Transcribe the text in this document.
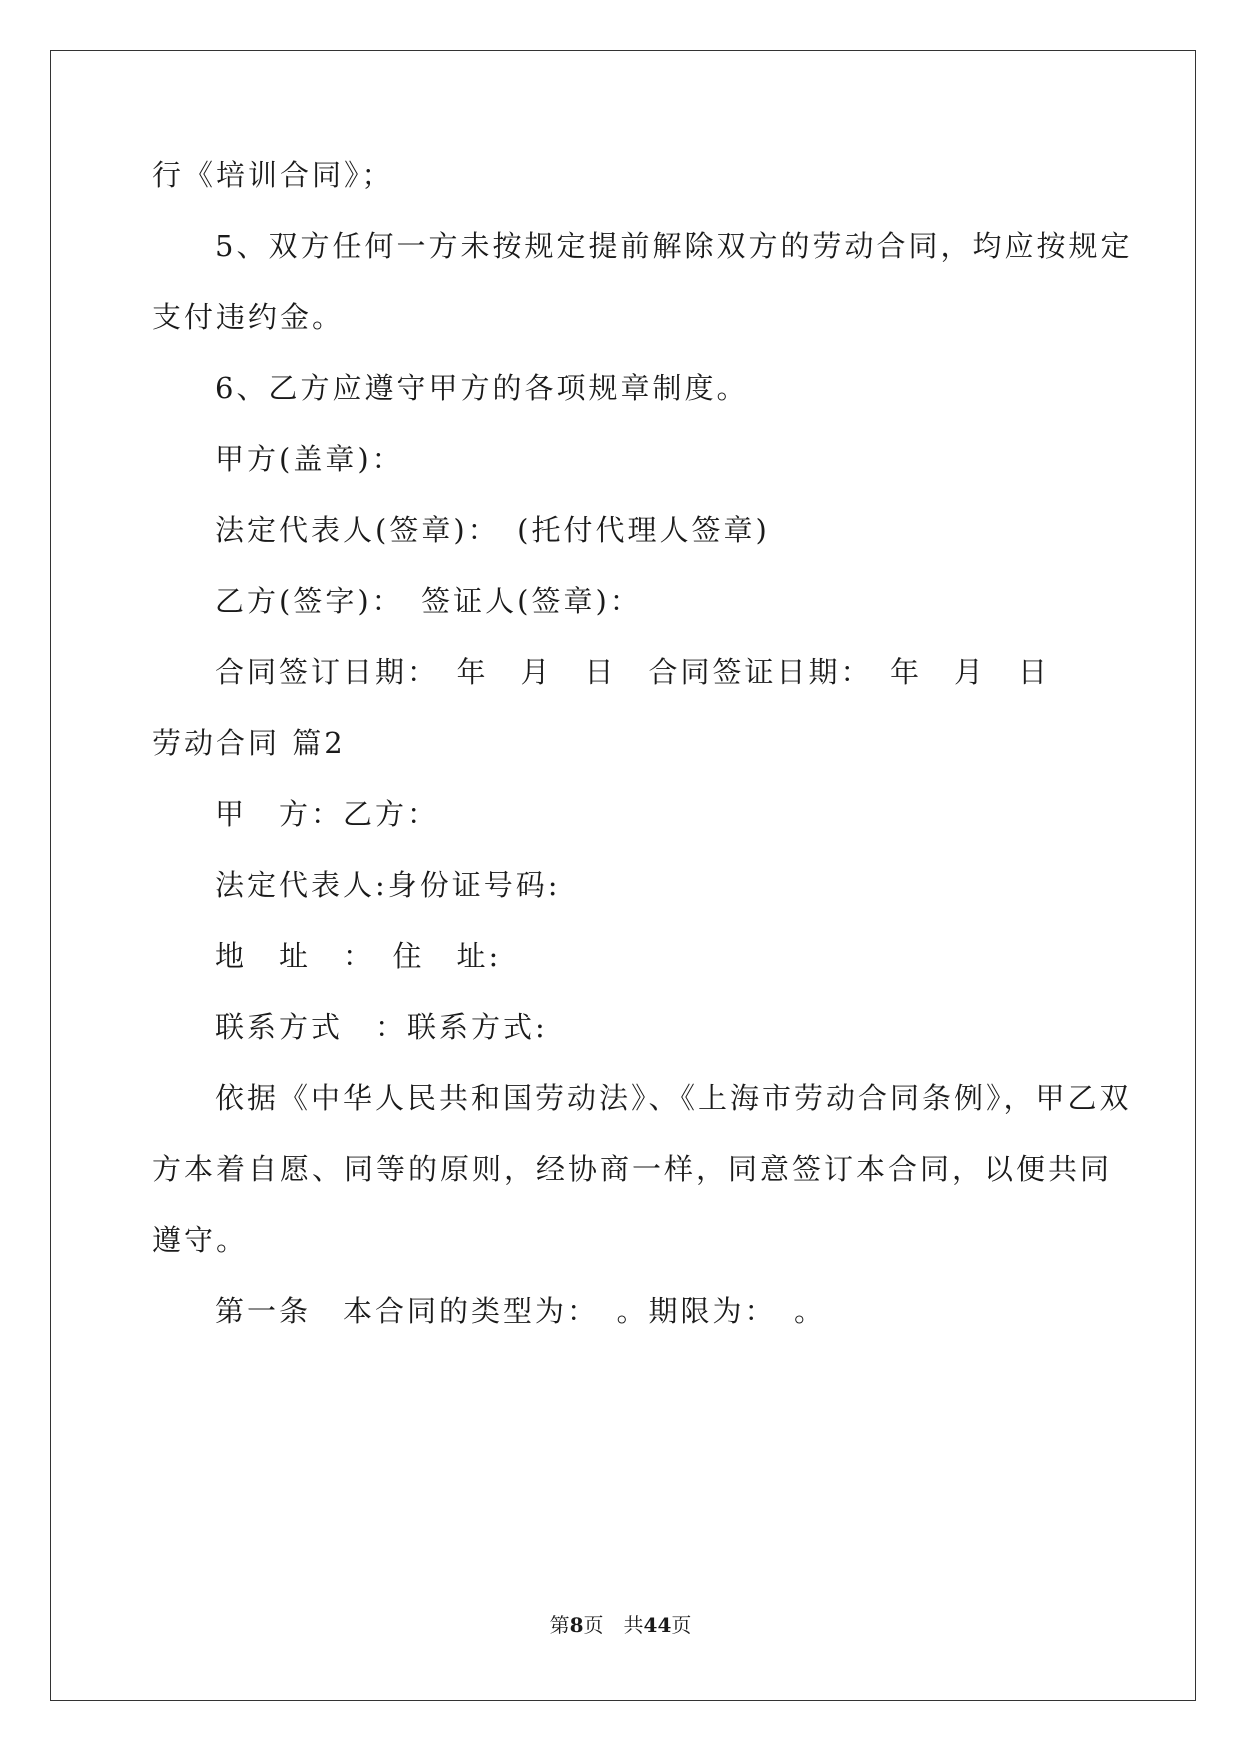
行《培训合同》；
5、双方任何一方未按规定提前解除双方的劳动合同，均应按规定
支付违约金。
6、乙方应遵守甲方的各项规章制度。
甲方(盖章)：
法定代表人(签章)：　(托付代理人签章)
乙方(签字)：　签证人(签章)：
合同签订日期：　年　月　日　合同签证日期：　年　月　日
劳动合同 篇2
甲　方：乙方：
法定代表人:身份证号码:
地　址　：　住　址:
联系方式　：联系方式:
依据《中华人民共和国劳动法》、《上海市劳动合同条例》，甲乙双
方本着自愿、同等的原则，经协商一样，同意签订本合同，以便共同
遵守。
第一条　本合同的类型为：　。期限为：　。
第8页　共44页
